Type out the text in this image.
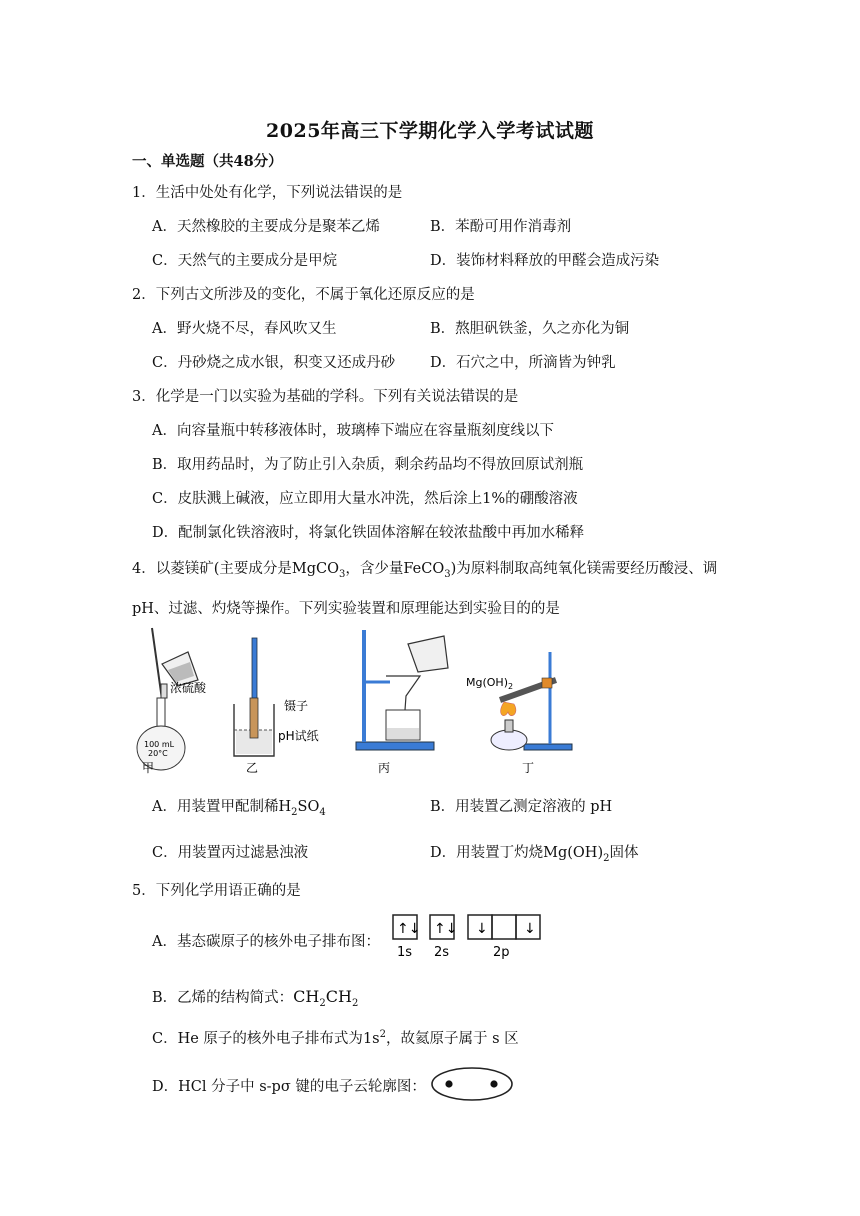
2025年高三下学期化学入学考试试题
一、单选题（共48分）
1．生活中处处有化学，下列说法错误的是
A．天然橡胶的主要成分是聚苯乙烯	B．苯酚可用作消毒剂
C．天然气的主要成分是甲烷	D．装饰材料释放的甲醛会造成污染
2．下列古文所涉及的变化，不属于氧化还原反应的是
A．野火烧不尽，春风吹又生	B．熬胆矾铁釜，久之亦化为铜
C．丹砂烧之成水银，积变又还成丹砂 D．石穴之中，所滴皆为钟乳
3．化学是一门以实验为基础的学科。下列有关说法错误的是
A．向容量瓶中转移液体时，玻璃棒下端应在容量瓶刻度线以下
B．取用药品时，为了防止引入杂质，剩余药品均不得放回原试剂瓶
C．皮肤溅上碱液，应立即用大量水冲洗，然后涂上1%的硼酸溶液
D．配制氯化铁溶液时，将氯化铁固体溶解在较浓盐酸中再加水稀释
4．以菱镁矿(主要成分是MgCO$_3$，含少量FeCO$_3$)为原料制取高纯氧化镁需要经历酸浸、调
pH、过滤、灼烧等操作。下列实验装置和原理能达到实验目的的是
100 mL
20°C
浓硫酸
镊子
pH试纸
$Mg(OH)_2$
甲	乙	丙	丁
A．用装置甲配制稀$H_2SO_4$	B．用装置乙测定溶液的 pH
C．用装置丙过滤悬浊液	D．用装置丁灼烧$Mg(OH)_2$固体
5．下列化学用语正确的是
A．基态碳原子的核外电子排布图：
↑↓ ↑↓ ↓	↓
1s 2s	2p
B．乙烯的结构简式：$CH_2CH_2$
C．He 原子的核外电子排布式为$1s^2$，故氦原子属于 s 区
D．HCl 分子中 s-pσ 键的电子云轮廓图：
